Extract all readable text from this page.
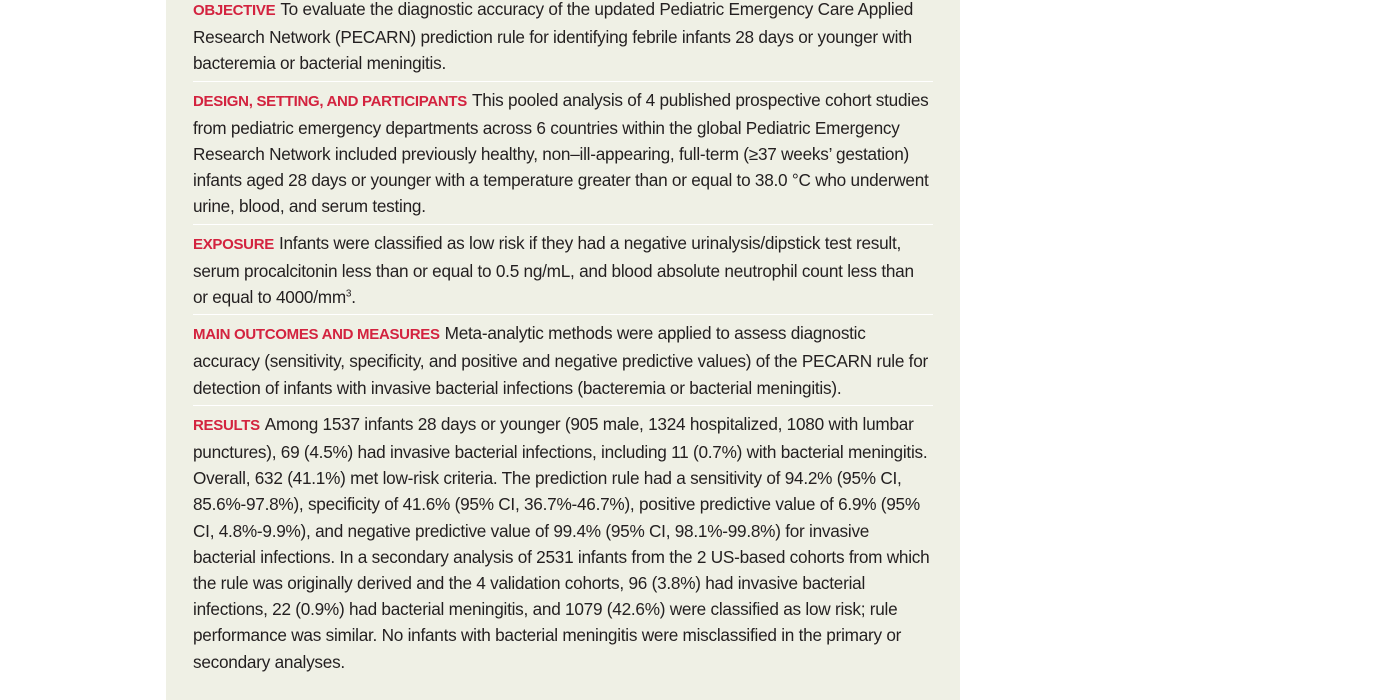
OBJECTIVE To evaluate the diagnostic accuracy of the updated Pediatric Emergency Care Applied Research Network (PECARN) prediction rule for identifying febrile infants 28 days or younger with bacteremia or bacterial meningitis.
DESIGN, SETTING, AND PARTICIPANTS This pooled analysis of 4 published prospective cohort studies from pediatric emergency departments across 6 countries within the global Pediatric Emergency Research Network included previously healthy, non–ill-appearing, full-term (≥37 weeks’ gestation) infants aged 28 days or younger with a temperature greater than or equal to 38.0 °C who underwent urine, blood, and serum testing.
EXPOSURE Infants were classified as low risk if they had a negative urinalysis/dipstick test result, serum procalcitonin less than or equal to 0.5 ng/mL, and blood absolute neutrophil count less than or equal to $4000/mm^3$.
MAIN OUTCOMES AND MEASURES Meta-analytic methods were applied to assess diagnostic accuracy (sensitivity, specificity, and positive and negative predictive values) of the PECARN rule for detection of infants with invasive bacterial infections (bacteremia or bacterial meningitis).
RESULTS Among 1537 infants 28 days or younger (905 male, 1324 hospitalized, 1080 with lumbar punctures), 69 (4.5%) had invasive bacterial infections, including 11 (0.7%) with bacterial meningitis. Overall, 632 (41.1%) met low-risk criteria. The prediction rule had a sensitivity of 94.2% (95% CI, 85.6%-97.8%), specificity of 41.6% (95% CI, 36.7%-46.7%), positive predictive value of 6.9% (95% CI, 4.8%-9.9%), and negative predictive value of 99.4% (95% CI, 98.1%-99.8%) for invasive bacterial infections. In a secondary analysis of 2531 infants from the 2 US-based cohorts from which the rule was originally derived and the 4 validation cohorts, 96 (3.8%) had invasive bacterial infections, 22 (0.9%) had bacterial meningitis, and 1079 (42.6%) were classified as low risk; rule performance was similar. No infants with bacterial meningitis were misclassified in the primary or secondary analyses.
